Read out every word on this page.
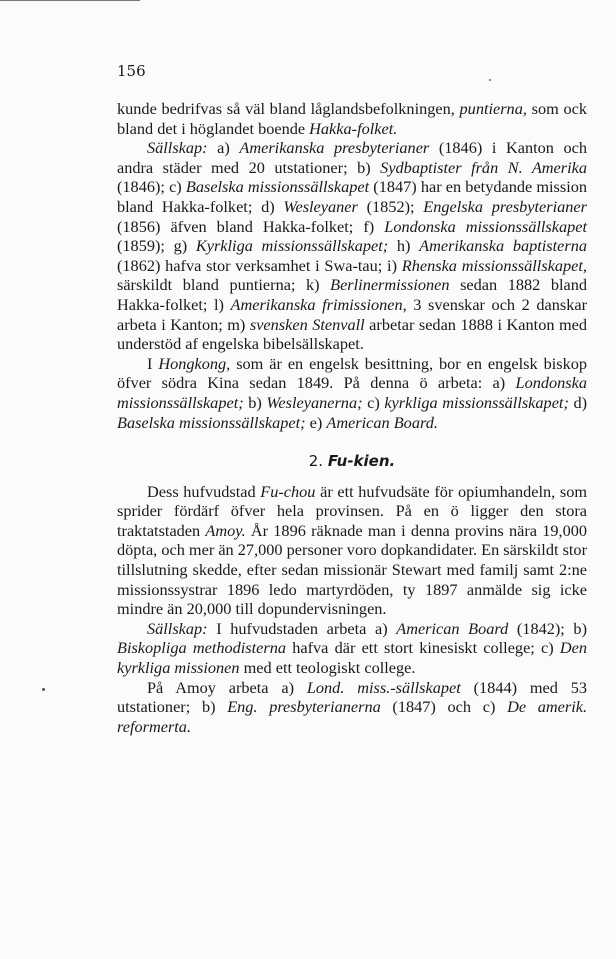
156

kunde bedrifvas så väl bland låglandsbefolkningen, puntierna, som ock bland det i höglandet boende Hakka-folket.

Sällskap: a) Amerikanska presbyterianer (1846) i Kanton och andra städer med 20 utstationer; b) Sydbaptister från N. Amerika (1846); c) Baselska missionssällskapet (1847) har en betydande mission bland Hakka-folket; d) Wesleyaner (1852); Engelska presbyterianer (1856) äfven bland Hakka-folket; f) Londonska missionssällskapet (1859); g) Kyrkliga missionssällskapet; h) Amerikanska baptisterna (1862) hafva stor verksamhet i Swa-tau; i) Rhenska missionssällskapet, särskildt bland puntierna; k) Berlinermissionen sedan 1882 bland Hakka-folket; l) Amerikanska frimissionen, 3 svenskar och 2 danskar arbeta i Kanton; m) svensken Stenvall arbetar sedan 1888 i Kanton med understöd af engelska bibelsällskapet.

I Hongkong, som är en engelsk besittning, bor en engelsk biskop öfver södra Kina sedan 1849. På denna ö arbeta: a) Londonska missionssällskapet; b) Wesleyanerna; c) kyrkliga missionssällskapet; d) Baselska missionssällskapet; e) American Board.

2. Fu-kien.

Dess hufvudstad Fu-chou är ett hufvudsäte för opiumhandeln, som sprider fördärf öfver hela provinsen. På en ö ligger den stora traktatstaden Amoy. År 1896 räknade man i denna provins nära 19,000 döpta, och mer än 27,000 personer voro dopkandidater. En särskildt stor tillslutning skedde, efter sedan missionär Stewart med familj samt 2:ne missionssystrar 1896 ledo martyrdöden, ty 1897 anmälde sig icke mindre än 20,000 till dopundervisningen.

Sällskap: I hufvudstaden arbeta a) American Board (1842); b) Biskopliga methodisterna hafva där ett stort kinesiskt college; c) Den kyrkliga missionen med ett teologiskt college.

På Amoy arbeta a) Lond. miss.-sällskapet (1844) med 53 utstationer; b) Eng. presbyterianerna (1847) och c) De amerik. reformerta.
